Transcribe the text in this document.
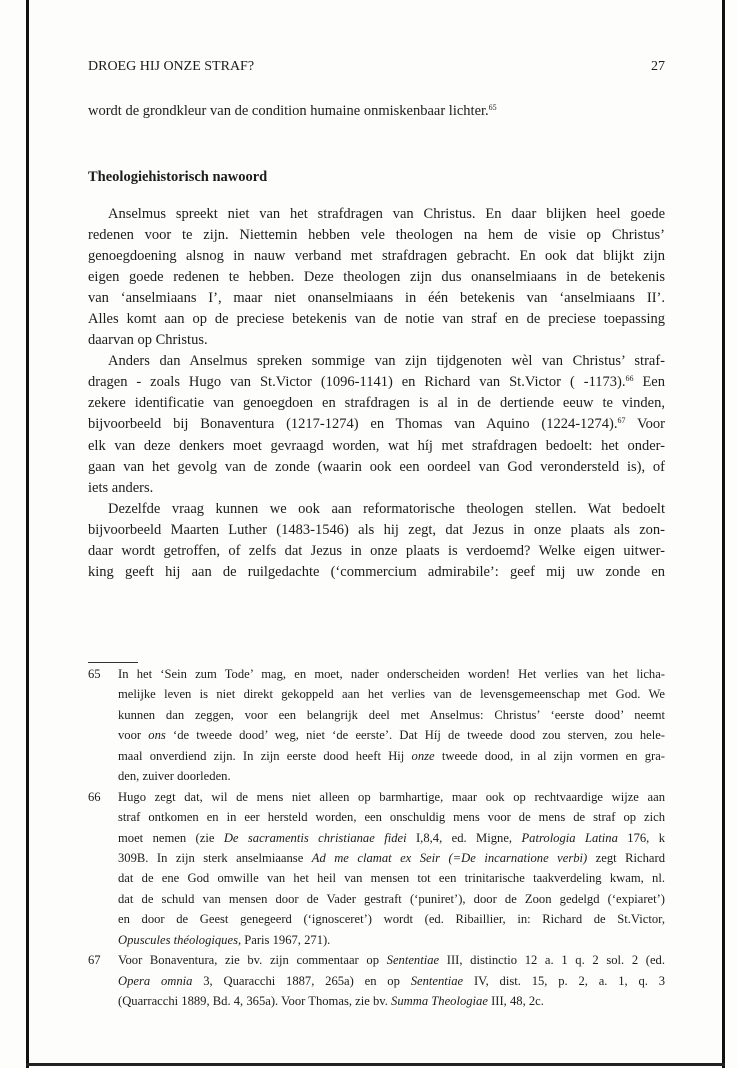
DROEG HIJ ONZE STRAF?	27
wordt de grondkleur van de condition humaine onmiskenbaar lichter.$^{65}$
Theologiehistorisch nawoord
Anselmus spreekt niet van het strafdragen van Christus. En daar blijken heel goede
redenen voor te zijn. Niettemin hebben vele theologen na hem de visie op Christus’
genoegdoening alsnog in nauw verband met strafdragen gebracht. En ook dat blijkt zijn
eigen goede redenen te hebben. Deze theologen zijn dus onanselmiaans in de betekenis
van ‘anselmiaans I’, maar niet onanselmiaans in één betekenis van ‘anselmiaans II’.
Alles komt aan op de preciese betekenis van de notie van straf en de preciese toepassing
daarvan op Christus.
Anders dan Anselmus spreken sommige van zijn tijdgenoten wèl van Christus’ straf-
dragen - zoals Hugo van St.Victor (1096-1141) en Richard van St.Victor ( -1173).$^{66}$ Een
zekere identificatie van genoegdoen en strafdragen is al in de dertiende eeuw te vinden,
bijvoorbeeld bij Bonaventura (1217-1274) en Thomas van Aquino (1224-1274).$^{67}$ Voor
elk van deze denkers moet gevraagd worden, wat híj met strafdragen bedoelt: het onder-
gaan van het gevolg van de zonde (waarin ook een oordeel van God verondersteld is), of
iets anders.
Dezelfde vraag kunnen we ook aan reformatorische theologen stellen. Wat bedoelt
bijvoorbeeld Maarten Luther (1483-1546) als hij zegt, dat Jezus in onze plaats als zon-
daar wordt getroffen, of zelfs dat Jezus in onze plaats is verdoemd? Welke eigen uitwer-
king geeft hij aan de ruilgedachte (‘commercium admirabile’: geef mij uw zonde en
65 In het ‘Sein zum Tode’ mag, en moet, nader onderscheiden worden! Het verlies van het licha-
melijke leven is niet direkt gekoppeld aan het verlies van de levensgemeenschap met God. We
kunnen dan zeggen, voor een belangrijk deel met Anselmus: Christus’ ‘eerste dood’ neemt
voor ons ‘de tweede dood’ weg, niet ‘de eerste’. Dat Híj de tweede dood zou sterven, zou hele-
maal onverdiend zijn. In zijn eerste dood heeft Hij onze tweede dood, in al zijn vormen en gra-
den, zuiver doorleden.
66 Hugo zegt dat, wil de mens niet alleen op barmhartige, maar ook op rechtvaardige wijze aan
straf ontkomen en in eer hersteld worden, een onschuldig mens voor de mens de straf op zich
moet nemen (zie De sacramentis christianae fidei I,8,4, ed. Migne, Patrologia Latina 176, k
309B. In zijn sterk anselmiaanse Ad me clamat ex Seir (=De incarnatione verbi) zegt Richard
dat de ene God omwille van het heil van mensen tot een trinitarische taakverdeling kwam, nl.
dat de schuld van mensen door de Vader gestraft (‘puniret’), door de Zoon gedelgd (‘expiaret’)
en door de Geest genegeerd (‘ignosceret’) wordt (ed. Ribaillier, in: Richard de St.Victor,
Opuscules théologiques, Paris 1967, 271).
67 Voor Bonaventura, zie bv. zijn commentaar op Sententiae III, distinctio 12 a. 1 q. 2 sol. 2 (ed.
Opera omnia 3, Quaracchi 1887, 265a) en op Sententiae IV, dist. 15, p. 2, a. 1, q. 3
(Quarracchi 1889, Bd. 4, 365a). Voor Thomas, zie bv. Summa Theologiae III, 48, 2c.
